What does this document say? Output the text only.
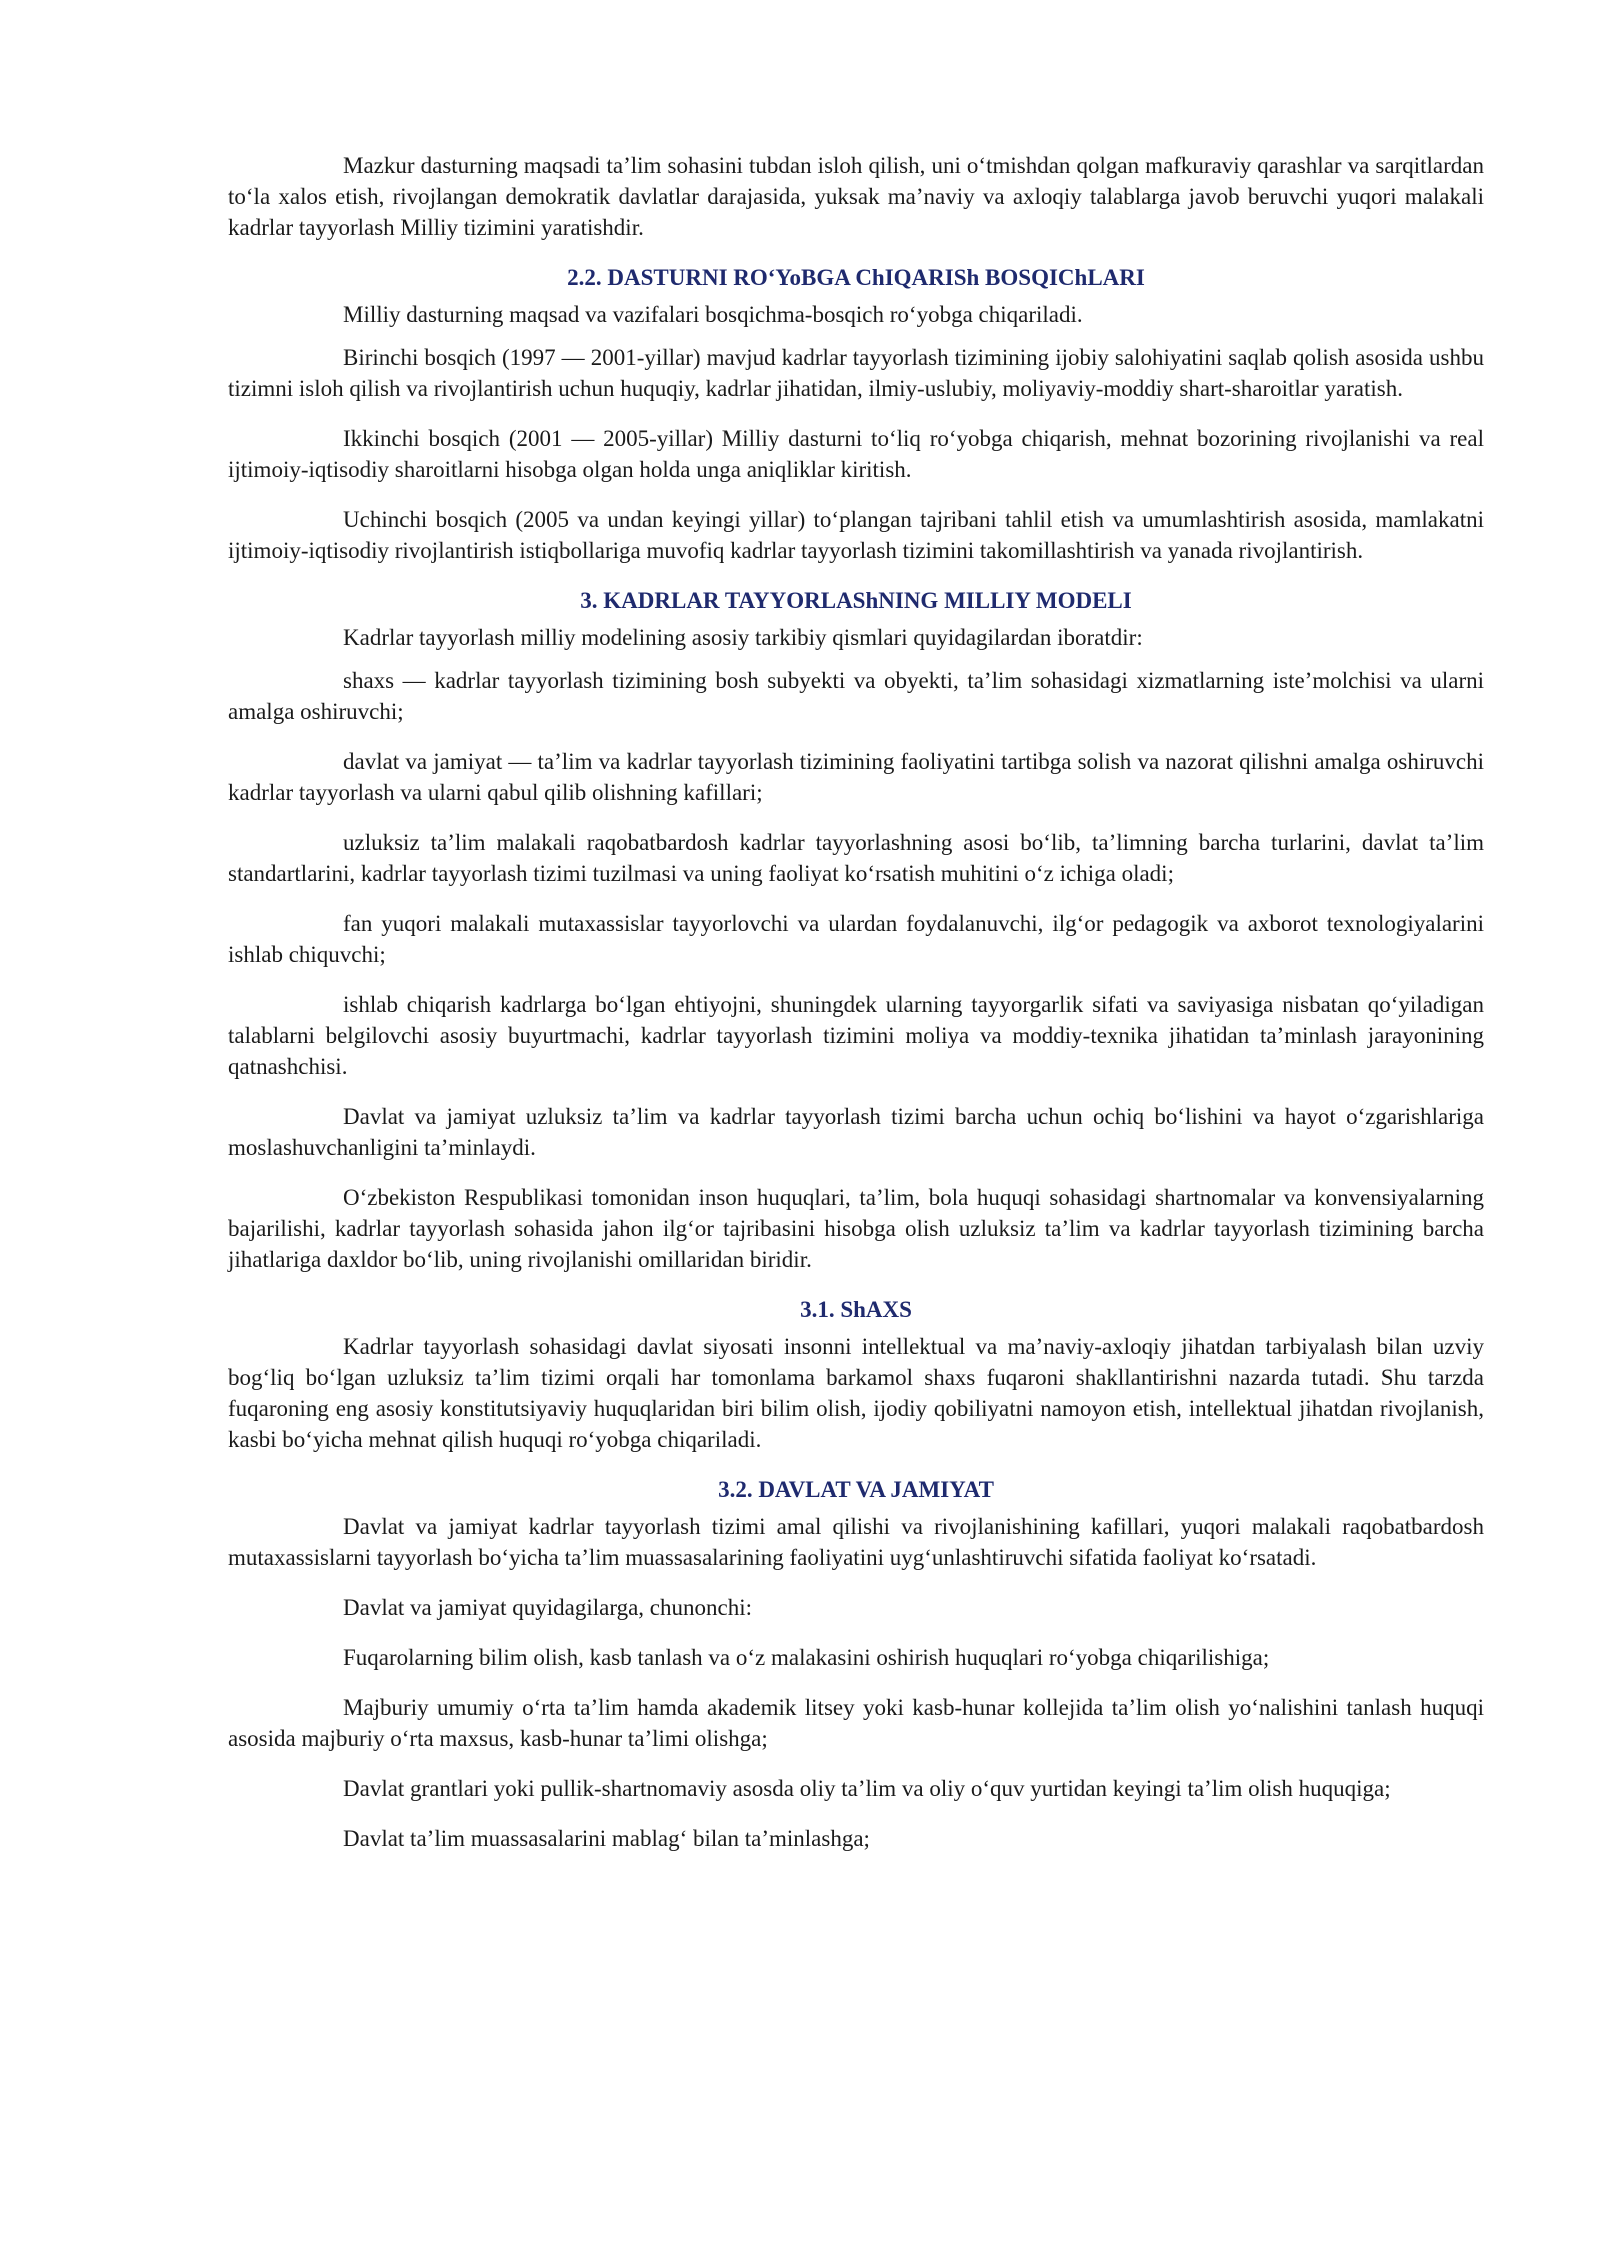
Mazkur dasturning maqsadi ta’lim sohasini tubdan isloh qilish, uni o‘tmishdan qolgan mafkuraviy qarashlar va sarqitlardan to‘la xalos etish, rivojlangan demokratik davlatlar darajasida, yuksak ma’naviy va axloqiy talablarga javob beruvchi yuqori malakali kadrlar tayyorlash Milliy tizimini yaratishdir.

2.2. DASTURNI RO‘YoBGA ChIQARISh BOSQIChLARI

Milliy dasturning maqsad va vazifalari bosqichma-bosqich ro‘yobga chiqariladi.

Birinchi bosqich (1997 — 2001-yillar) mavjud kadrlar tayyorlash tizimining ijobiy salohiyatini saqlab qolish asosida ushbu tizimni isloh qilish va rivojlantirish uchun huquqiy, kadrlar jihatidan, ilmiy-uslubiy, moliyaviy-moddiy shart-sharoitlar yaratish.

Ikkinchi bosqich (2001 — 2005-yillar) Milliy dasturni to‘liq ro‘yobga chiqarish, mehnat bozorining rivojlanishi va real ijtimoiy-iqtisodiy sharoitlarni hisobga olgan holda unga aniqliklar kiritish.

Uchinchi bosqich (2005 va undan keyingi yillar) to‘plangan tajribani tahlil etish va umumlashtirish asosida, mamlakatni ijtimoiy-iqtisodiy rivojlantirish istiqbollariga muvofiq kadrlar tayyorlash tizimini takomillashtirish va yanada rivojlantirish.

3. KADRLAR TAYYORLAShNING MILLIY MODELI

Kadrlar tayyorlash milliy modelining asosiy tarkibiy qismlari quyidagilardan iboratdir:

shaxs — kadrlar tayyorlash tizimining bosh subyekti va obyekti, ta’lim sohasidagi xizmatlarning iste’molchisi va ularni amalga oshiruvchi;

davlat va jamiyat — ta’lim va kadrlar tayyorlash tizimining faoliyatini tartibga solish va nazorat qilishni amalga oshiruvchi kadrlar tayyorlash va ularni qabul qilib olishning kafillari;

uzluksiz ta’lim malakali raqobatbardosh kadrlar tayyorlashning asosi bo‘lib, ta’limning barcha turlarini, davlat ta’lim standartlarini, kadrlar tayyorlash tizimi tuzilmasi va uning faoliyat ko‘rsatish muhitini o‘z ichiga oladi;

fan yuqori malakali mutaxassislar tayyorlovchi va ulardan foydalanuvchi, ilg‘or pedagogik va axborot texnologiyalarini ishlab chiquvchi;

ishlab chiqarish kadrlarga bo‘lgan ehtiyojni, shuningdek ularning tayyorgarlik sifati va saviyasiga nisbatan qo‘yiladigan talablarni belgilovchi asosiy buyurtmachi, kadrlar tayyorlash tizimini moliya va moddiy-texnika jihatidan ta’minlash jarayonining qatnashchisi.

Davlat va jamiyat uzluksiz ta’lim va kadrlar tayyorlash tizimi barcha uchun ochiq bo‘lishini va hayot o‘zgarishlariga moslashuvchanligini ta’minlaydi.

O‘zbekiston Respublikasi tomonidan inson huquqlari, ta’lim, bola huquqi sohasidagi shartnomalar va konvensiyalarning bajarilishi, kadrlar tayyorlash sohasida jahon ilg‘or tajribasini hisobga olish uzluksiz ta’lim va kadrlar tayyorlash tizimining barcha jihatlariga daxldor bo‘lib, uning rivojlanishi omillaridan biridir.

3.1. ShAXS

Kadrlar tayyorlash sohasidagi davlat siyosati insonni intellektual va ma’naviy-axloqiy jihatdan tarbiyalash bilan uzviy bog‘liq bo‘lgan uzluksiz ta’lim tizimi orqali har tomonlama barkamol shaxs fuqaroni shakllantirishni nazarda tutadi. Shu tarzda fuqaroning eng asosiy konstitutsiyaviy huquqlaridan biri bilim olish, ijodiy qobiliyatni namoyon etish, intellektual jihatdan rivojlanish, kasbi bo‘yicha mehnat qilish huquqi ro‘yobga chiqariladi.

3.2. DAVLAT VA JAMIYAT

Davlat va jamiyat kadrlar tayyorlash tizimi amal qilishi va rivojlanishining kafillari, yuqori malakali raqobatbardosh mutaxassislarni tayyorlash bo‘yicha ta’lim muassasalarining faoliyatini uyg‘unlashtiruvchi sifatida faoliyat ko‘rsatadi.

Davlat va jamiyat quyidagilarga, chunonchi:

Fuqarolarning bilim olish, kasb tanlash va o‘z malakasini oshirish huquqlari ro‘yobga chiqarilishiga;

Majburiy umumiy o‘rta ta’lim hamda akademik litsey yoki kasb-hunar kollejida ta’lim olish yo‘nalishini tanlash huquqi asosida majburiy o‘rta maxsus, kasb-hunar ta’limi olishga;

Davlat grantlari yoki pullik-shartnomaviy asosda oliy ta’lim va oliy o‘quv yurtidan keyingi ta’lim olish huquqiga;

Davlat ta’lim muassasalarini mablag‘ bilan ta’minlashga;
